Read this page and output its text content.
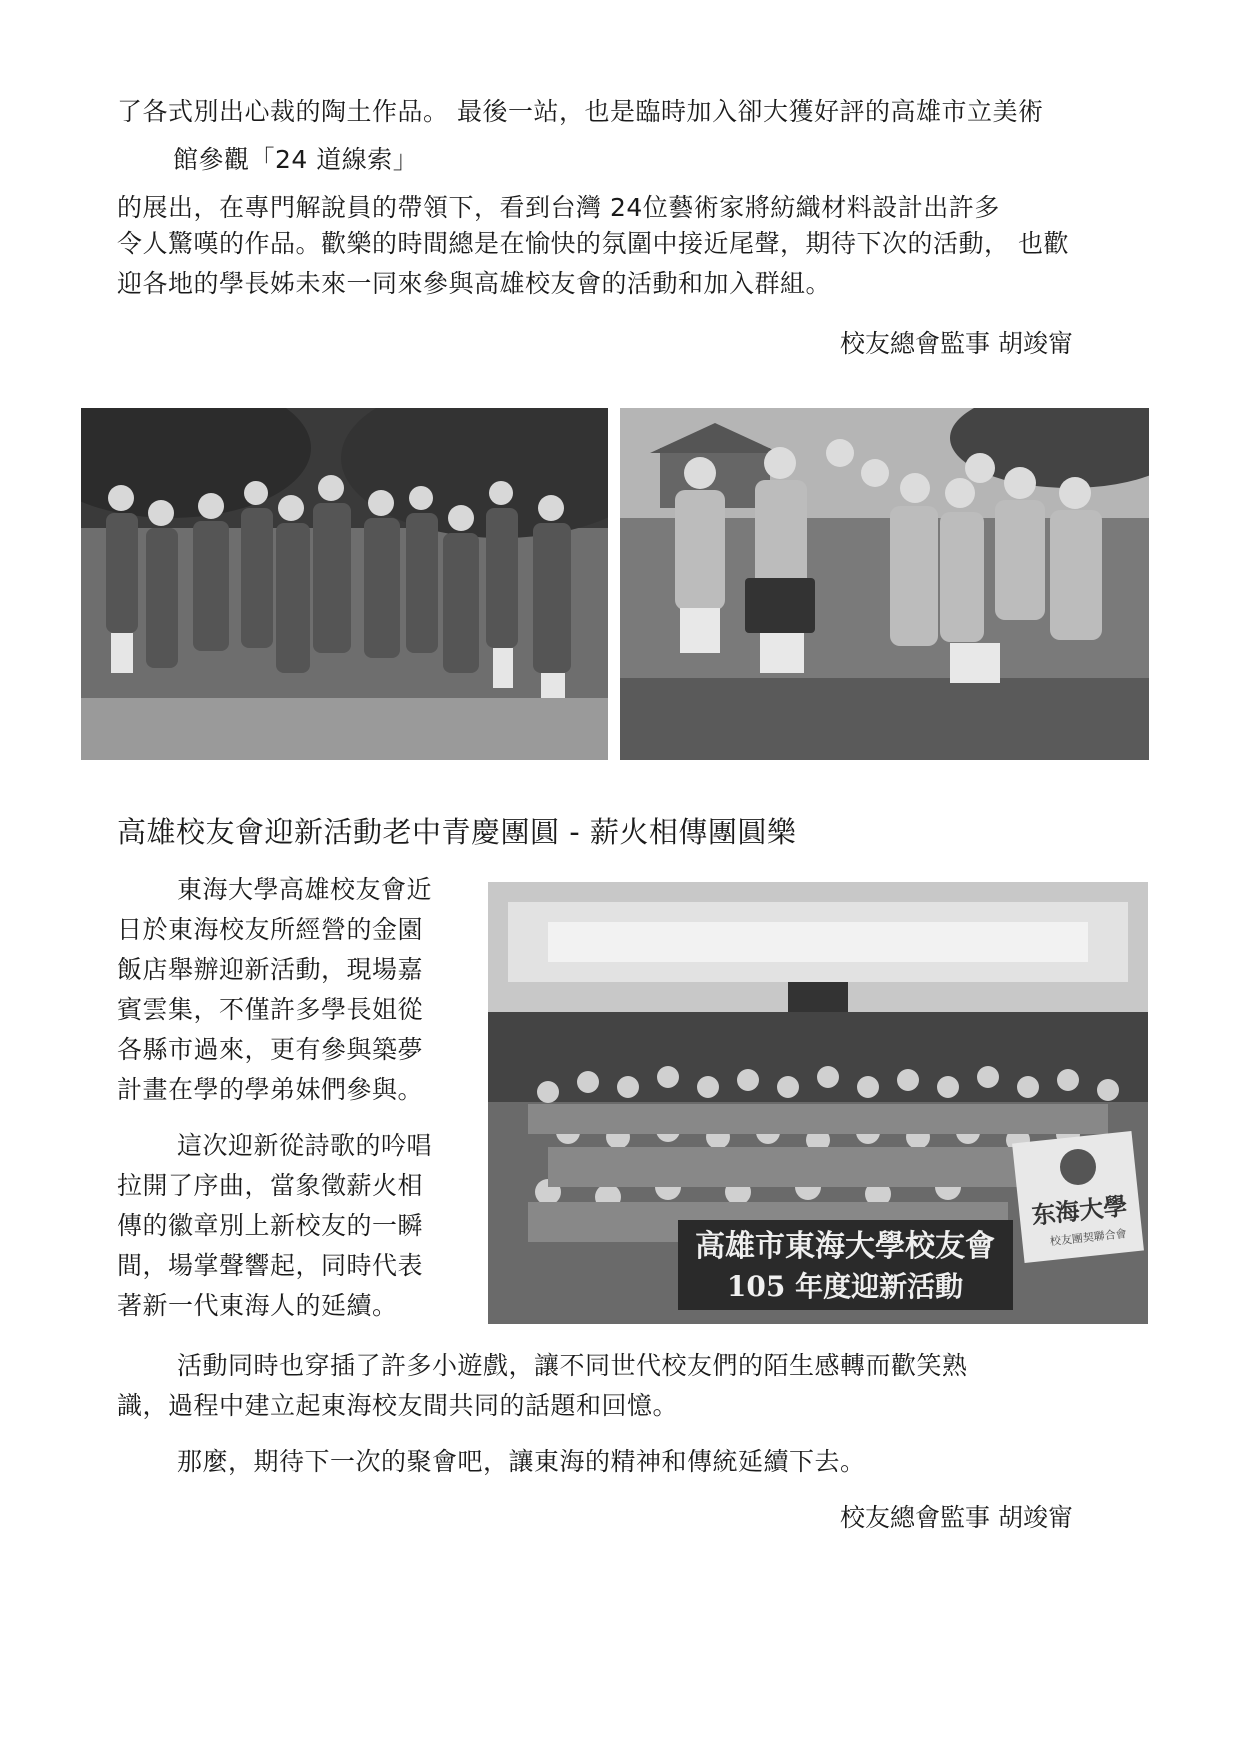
了各式別出心裁的陶土作品。 最後一站，也是臨時加入卻大獲好評的高雄市立美術
館參觀「24 道線索」
的展出，在專門解說員的帶領下，看到台灣 24位藝術家將紡織材料設計出許多
令人驚嘆的作品。歡樂的時間總是在愉快的氛圍中接近尾聲，期待下次的活動， 也歡
迎各地的學長姊未來一同來參與高雄校友會的活動和加入群組。
校友總會監事 胡竣甯
高雄校友會迎新活動老中青慶團圓 - 薪火相傳團圓樂
東海大學高雄校友會近
日於東海校友所經營的金園
飯店舉辦迎新活動，現場嘉
賓雲集，不僅許多學長姐從
各縣市過來，更有參與築夢
計畫在學的學弟妹們參與。
這次迎新從詩歌的吟唱
拉開了序曲，當象徵薪火相
傳的徽章別上新校友的一瞬
間，場掌聲響起，同時代表
著新一代東海人的延續。
高雄市東海大學校友會
105 年度迎新活動
东海大學
校友團契聯合會
活動同時也穿插了許多小遊戲，讓不同世代校友們的陌生感轉而歡笑熟
識，過程中建立起東海校友間共同的話題和回憶。
那麼，期待下一次的聚會吧，讓東海的精神和傳統延續下去。
校友總會監事 胡竣甯
